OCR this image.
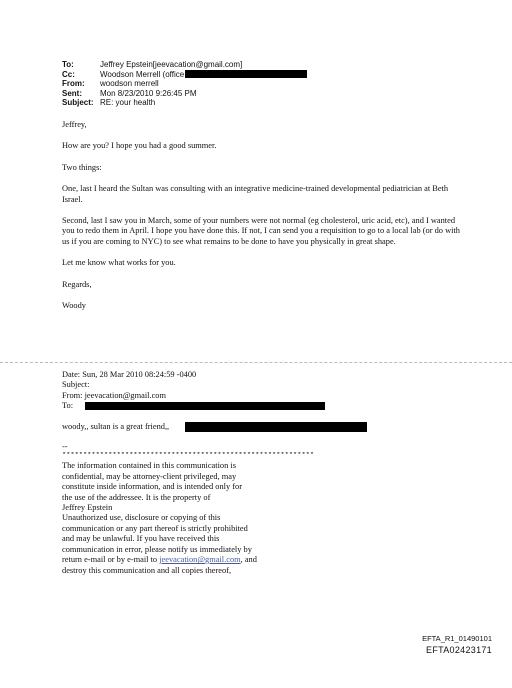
To:	Jeffrey Epstein[jeevacation@gmail.com]
Cc:	Woodson Merrell (office
From:	woodson merrell
Sent:	Mon 8/23/2010 9:26:45 PM
Subject: RE: your health

Jeffrey,

How are you? I hope you had a good summer.

Two things:

One, last I heard the Sultan was consulting with an integrative medicine-trained developmental pediatrician at Beth Israel.

Second, last I saw you in March, some of your numbers were not normal (eg cholesterol, uric acid, etc), and I wanted you to redo them in April. I hope you have done this. If not, I can send you a requisition to go to a local lab (or do with us if you are coming to NYC) to see what remains to be done to have you physically in great shape.

Let me know what works for you.

Regards,

Woody

Date: Sun, 28 Mar 2010 08:24:59 -0400
Subject:
From: jeevacation@gmail.com
To:
woody,, sultan is a great friend,,
--
************************************************************
The information contained in this communication is
confidential, may be attorney-client privileged, may
constitute inside information, and is intended only for
the use of the addressee. It is the property of
Jeffrey Epstein
Unauthorized use, disclosure or copying of this
communication or any part thereof is strictly prohibited
and may be unlawful. If you have received this
communication in error, please notify us immediately by
return e-mail or by e-mail to jeevacation@gmail.com, and
destroy this communication and all copies thereof,
EFTA_R1_01490101
EFTA02423171
